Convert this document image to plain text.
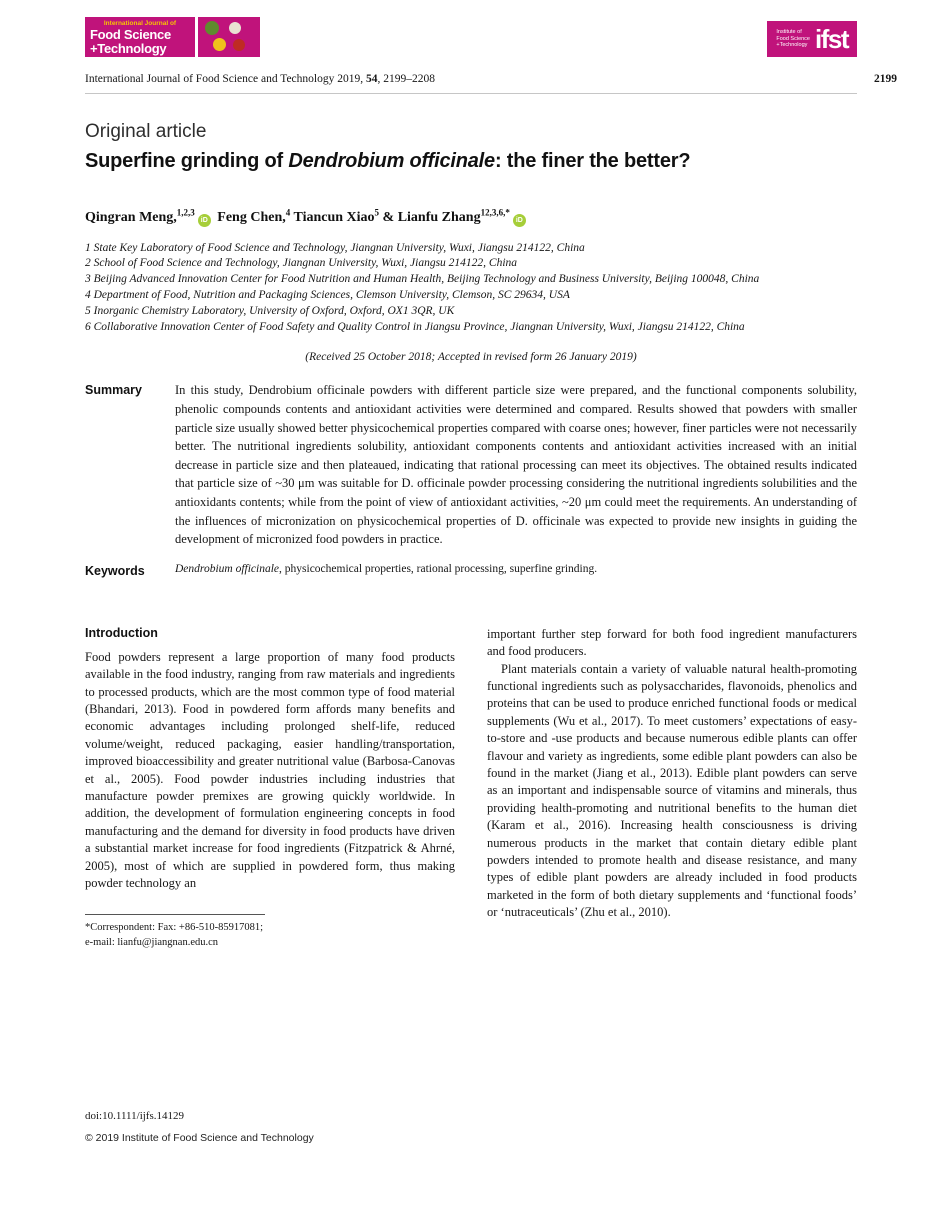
International Journal of
Food Science
+Technology
Institute of
Food Science
+Technology ifst
International Journal of Food Science and Technology 2019, 54, 2199–2208	2199
Original article
Superfine grinding of Dendrobium officinale: the finer the better?
Qingran Meng,$^{1,2,3}$iD Feng Chen,$^4$ Tiancun Xiao$^5$ & Lianfu Zhang$^{12,3,6,*}$iD
1 State Key Laboratory of Food Science and Technology, Jiangnan University, Wuxi, Jiangsu 214122, China
2 School of Food Science and Technology, Jiangnan University, Wuxi, Jiangsu 214122, China
3 Beijing Advanced Innovation Center for Food Nutrition and Human Health, Beijing Technology and Business University, Beijing 100048, China
4 Department of Food, Nutrition and Packaging Sciences, Clemson University, Clemson, SC 29634, USA
5 Inorganic Chemistry Laboratory, University of Oxford, Oxford, OX1 3QR, UK
6 Collaborative Innovation Center of Food Safety and Quality Control in Jiangsu Province, Jiangnan University, Wuxi, Jiangsu 214122, China
(Received 25 October 2018; Accepted in revised form 26 January 2019)
Summary	In this study, Dendrobium officinale powders with different particle size were prepared, and the functional components solubility, phenolic compounds contents and antioxidant activities were determined and compared. Results showed that powders with smaller particle size usually showed better physicochemical properties compared with coarse ones; however, finer particles were not necessarily better. The nutritional ingredients solubility, antioxidant components contents and antioxidant activities increased with an initial decrease in particle size and then plateaued, indicating that rational processing can meet its objectives. The obtained results indicated that particle size of ~30 μm was suitable for D. officinale powder processing considering the nutritional ingredients solubilities and the antioxidants contents; while from the point of view of antioxidant activities, ~20 μm could meet the requirements. An understanding of the influences of micronization on physicochemical properties of D. officinale was expected to provide new insights in guiding the development of micronized food powders in practice.
Keywords	Dendrobium officinale, physicochemical properties, rational processing, superfine grinding.
Introduction

Food powders represent a large proportion of many food products available in the food industry, ranging from raw materials and ingredients to processed products, which are the most common type of food material (Bhandari, 2013). Food in powdered form affords many benefits and economic advantages including prolonged shelf-life, reduced volume/weight, reduced packaging, easier handling/transportation, improved bioaccessibility and greater nutritional value (Barbosa-Canovas et al., 2005). Food powder industries including industries that manufacture powder premixes are growing quickly worldwide. In addition, the development of formulation engineering concepts in food manufacturing and the demand for diversity in food products have driven a substantial market increase for food ingredients (Fitzpatrick & Ahrné, 2005), most of which are supplied in powdered form, thus making powder technology an

*Correspondent: Fax: +86-510-85917081;
e-mail: lianfu@jiangnan.edu.cn

important further step forward for both food ingredient manufacturers and food producers.

Plant materials contain a variety of valuable natural health-promoting functional ingredients such as polysaccharides, flavonoids, phenolics and proteins that can be used to produce enriched functional foods or medical supplements (Wu et al., 2017). To meet customers’ expectations of easy-to-store and -use products and because numerous edible plants can offer flavour and variety as ingredients, some edible plant powders can also be found in the market (Jiang et al., 2013). Edible plant powders can serve as an important and indispensable source of vitamins and minerals, thus providing health-promoting and nutritional benefits to the human diet (Karam et al., 2016). Increasing health consciousness is driving numerous products in the market that contain dietary edible plant powders intended to promote health and disease resistance, and many types of edible plant powders are already included in food products marketed in the form of both dietary supplements and ‘functional foods’ or ‘nutraceuticals’ (Zhu et al., 2010).

doi:10.1111/ijfs.14129
© 2019 Institute of Food Science and Technology
